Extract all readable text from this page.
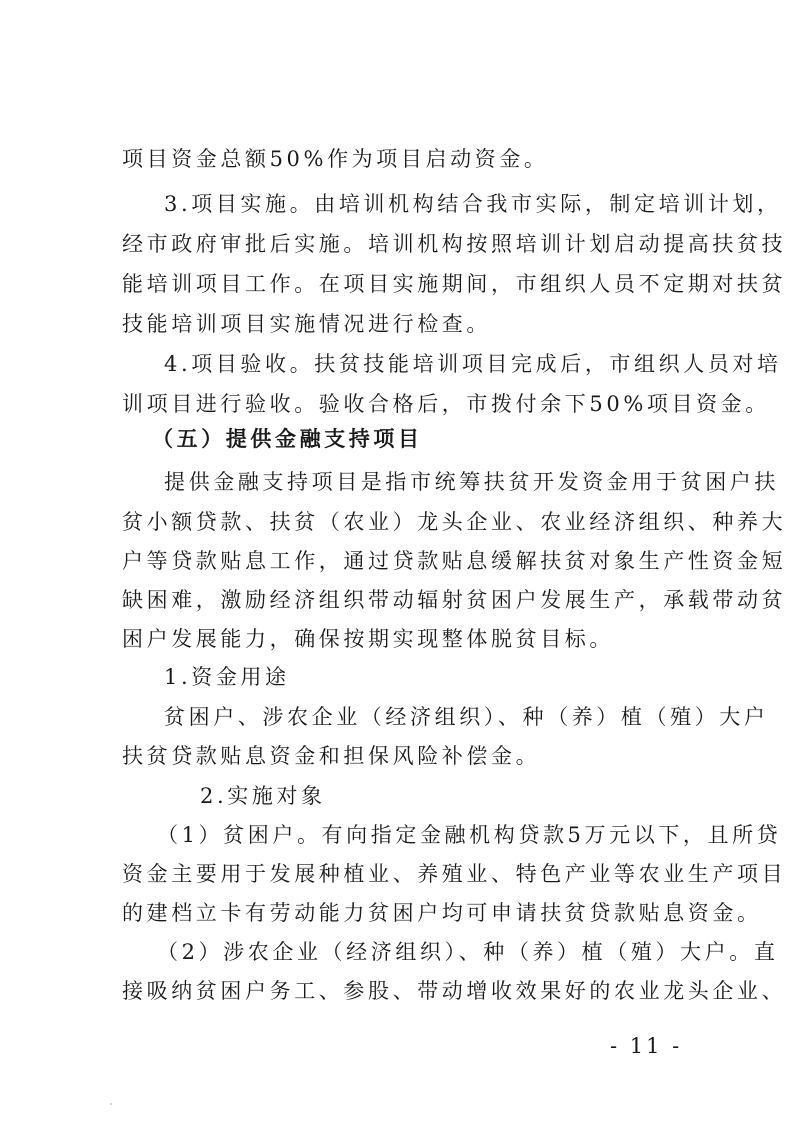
项目资金总额50%作为项目启动资金。
3.项目实施。由培训机构结合我市实际，制定培训计划，
经市政府审批后实施。培训机构按照培训计划启动提高扶贫技
能培训项目工作。在项目实施期间，市组织人员不定期对扶贫
技能培训项目实施情况进行检查。
4.项目验收。扶贫技能培训项目完成后，市组织人员对培
训项目进行验收。验收合格后，市拨付余下50%项目资金。
（五）提供金融支持项目
提供金融支持项目是指市统筹扶贫开发资金用于贫困户扶
贫小额贷款、扶贫（农业）龙头企业、农业经济组织、种养大
户等贷款贴息工作，通过贷款贴息缓解扶贫对象生产性资金短
缺困难，激励经济组织带动辐射贫困户发展生产，承载带动贫
困户发展能力，确保按期实现整体脱贫目标。
1.资金用途
贫困户、涉农企业（经济组织）、种（养）植（殖）大户
扶贫贷款贴息资金和担保风险补偿金。
2.实施对象
（1）贫困户。有向指定金融机构贷款5万元以下，且所贷
资金主要用于发展种植业、养殖业、特色产业等农业生产项目
的建档立卡有劳动能力贫困户均可申请扶贫贷款贴息资金。
（2）涉农企业（经济组织）、种（养）植（殖）大户。直
接吸纳贫困户务工、参股、带动增收效果好的农业龙头企业、
- 11 -
